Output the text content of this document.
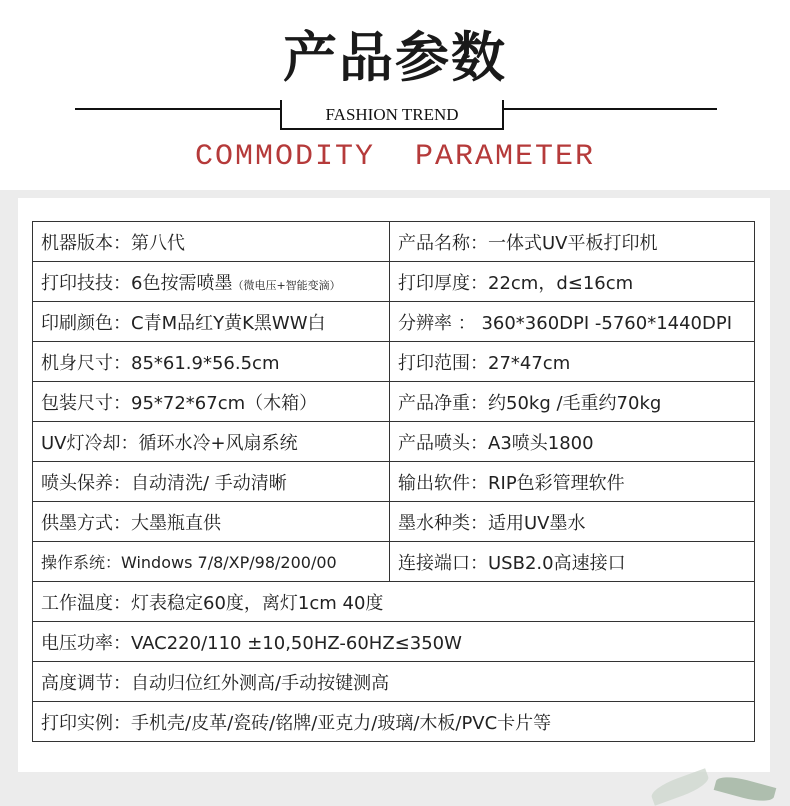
产品参数
FASHION TREND
COMMODITY  PARAMETER
机器版本：第八代	产品名称：一体式UV平板打印机
打印技技：6色按需喷墨（微电压+智能变滴）	打印厚度：22cm，d≤16cm
印刷颜色：C青M品红Y黄K黑WW白	分辨率 ： 360*360DPI -5760*1440DPI
机身尺寸：85*61.9*56.5cm	打印范围：27*47cm
包装尺寸：95*72*67cm（木箱）	产品净重：约50kg /毛重约70kg
UV灯冷却：循环水冷+风扇系统	产品喷头：A3喷头1800
喷头保养：自动清洗/ 手动清晰	输出软件：RIP色彩管理软件
供墨方式：大墨瓶直供	墨水种类：适用UV墨水
操作系统：Windows 7/8/XP/98/200/00	连接端口：USB2.0高速接口
工作温度：灯表稳定60度，离灯1cm 40度	
电压功率：VAC220/110 ±10,50HZ-60HZ≤350W	
高度调节：自动归位红外测高/手动按键测高	
打印实例：手机壳/皮革/瓷砖/铭牌/亚克力/玻璃/木板/PVC卡片等	
